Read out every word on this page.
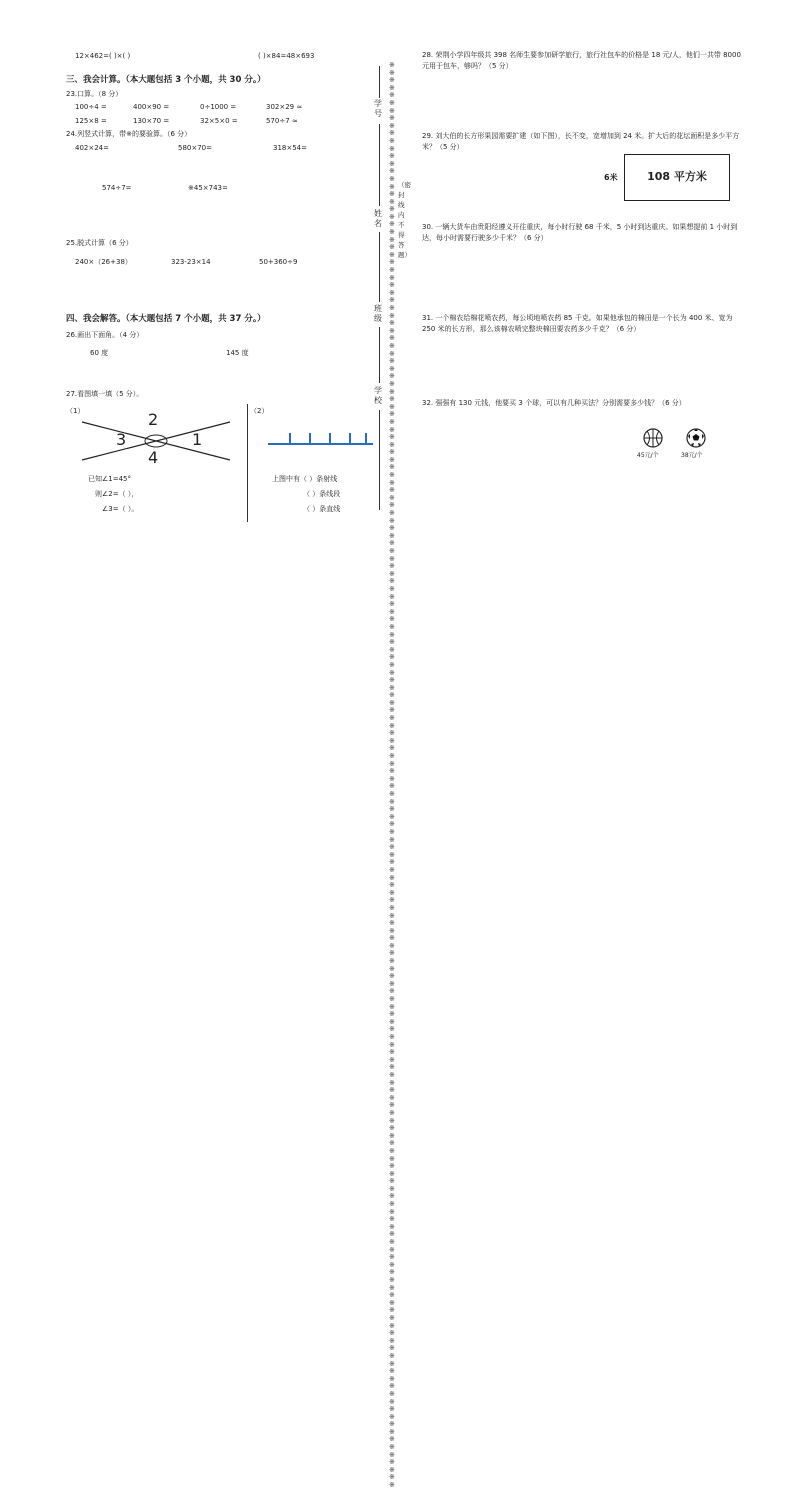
12×462=( )×( )	( )×84=48×693
三、我会计算。（本大题包括 3 个小题，共 30 分。）
23.口算。（8 分）
100÷4 =	400×90 =	0÷1000 =	302×29 ≈
125×8 =	130×70 =	32×5×0 =	570÷7 ≈
24.列竖式计算，带※的要验算。（6 分）
402×24=	580×70=	318×54=
574÷7=	※45×743=
25.脱式计算（6 分）
240×（26+38）	323-23×14	50+360÷9
四、我会解答。（本大题包括 7 个小题，共 37 分。）
26.画出下面角。（4 分）
60 度	145 度
27.看图填一填（5 分）。
（1）	（2）
2
3	1
4
已知∠1=45°
则∠2=（ ），
∠3=（ ）。
上图中有（ ）条射线
（ ）条线段
（ ）条直线
学号
姓名
班级
学校
※※※※※※※※※※※※※※※※※※※※※※※※※※※※※※※※※※※※※※※※※※※※※※※※※※※※※※※※※※※※※※※※※※※※※※※※※※※※※※※※※※※※※※※※※※※※※※※※※※※※※※※※※※※※※※※※※※※※※※※※※※※※※※※※※※※※※※※※※※※※※※※※※※※※※※※※※※※※※※※※※※※※※※※※※※※※※※※※※※※※※※※※※※※※
（密 封 线 内 不 得 答 题）
28. 荣荆小学四年级共 398 名师生要参加研学旅行，旅行社包车的价格是 18 元/人，他们一共带 8000 元用于包车，够吗？（5 分）
29. 刘大伯的长方形果园需要扩建（如下图），长不变，宽增加到 24 米。扩大后的花坛面积是多少平方米？（5 分）
6米	108 平方米
30. 一辆大货车由贵阳经遵义开往重庆，每小时行驶 68 千米，5 小时到达重庆。如果想提前 1 小时到达，每小时需要行驶多少千米？（6 分）
31. 一个棉农给棉花喷农药，每公顷地喷农药 85 千克。如果他承包的棉田是一个长为 400 米、宽为 250 米的长方形，那么该棉农喷完整块棉田要农药多少千克？（6 分）
32. 强强有 130 元钱，他要买 3 个球，可以有几种买法？分别需要多少钱？（6 分）
45元/个	38元/个
